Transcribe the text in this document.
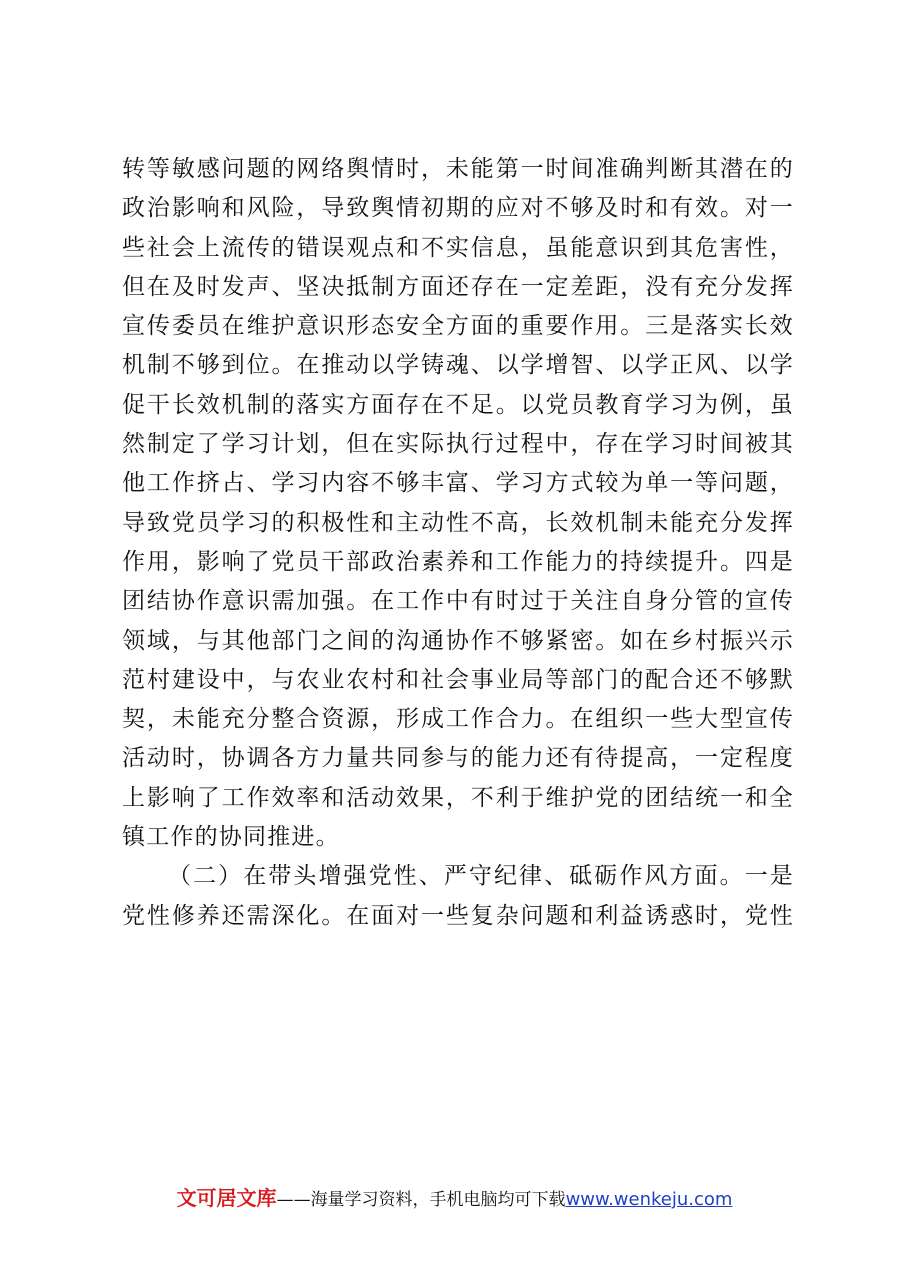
转等敏感问题的网络舆情时，未能第一时间准确判断其潜在的
政治影响和风险，导致舆情初期的应对不够及时和有效。对一
些社会上流传的错误观点和不实信息，虽能意识到其危害性，
但在及时发声、坚决抵制方面还存在一定差距，没有充分发挥
宣传委员在维护意识形态安全方面的重要作用。三是落实长效
机制不够到位。在推动以学铸魂、以学增智、以学正风、以学
促干长效机制的落实方面存在不足。以党员教育学习为例，虽
然制定了学习计划，但在实际执行过程中，存在学习时间被其
他工作挤占、学习内容不够丰富、学习方式较为单一等问题，
导致党员学习的积极性和主动性不高，长效机制未能充分发挥
作用，影响了党员干部政治素养和工作能力的持续提升。四是
团结协作意识需加强。在工作中有时过于关注自身分管的宣传
领域，与其他部门之间的沟通协作不够紧密。如在乡村振兴示
范村建设中，与农业农村和社会事业局等部门的配合还不够默
契，未能充分整合资源，形成工作合力。在组织一些大型宣传
活动时，协调各方力量共同参与的能力还有待提高，一定程度
上影响了工作效率和活动效果，不利于维护党的团结统一和全
镇工作的协同推进。
（二）在带头增强党性、严守纪律、砥砺作风方面。一是
党性修养还需深化。在面对一些复杂问题和利益诱惑时，党性
文可居文库——海量学习资料，手机电脑均可下载www.wenkeju.com
